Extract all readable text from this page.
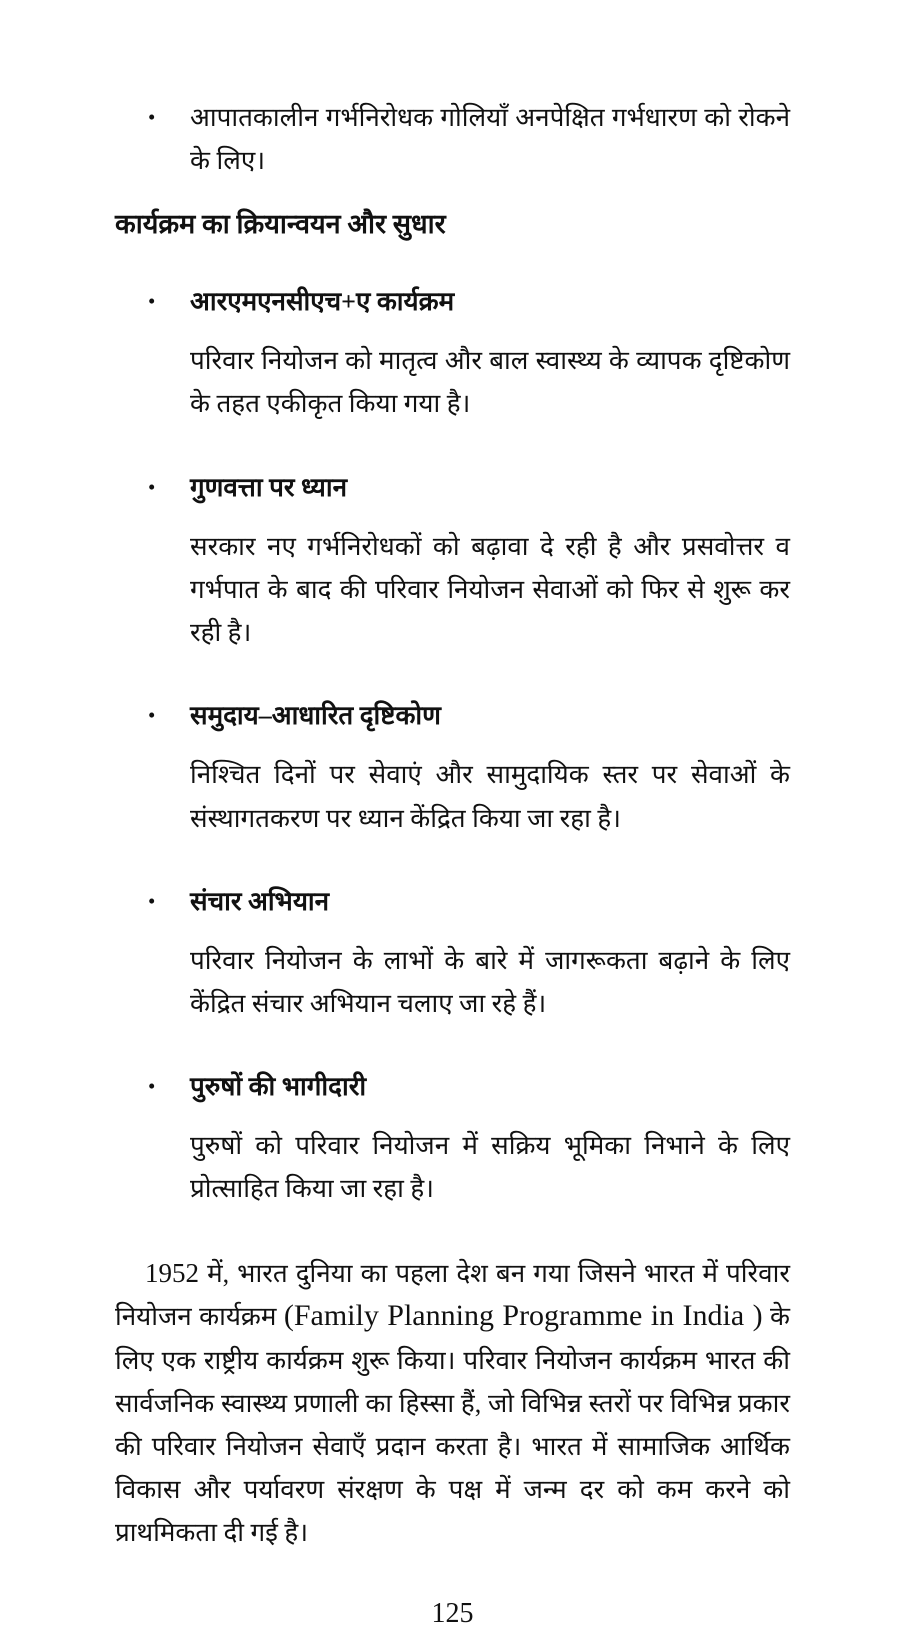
•	आपातकालीन गर्भनिरोधक गोलियाँ अनपेक्षित गर्भधारण को रोकने के लिए।
कार्यक्रम का क्रियान्वयन और सुधार
•	आरएमएनसीएच+ए कार्यक्रम
परिवार नियोजन को मातृत्व और बाल स्वास्थ्य के व्यापक दृष्टिकोण के तहत एकीकृत किया गया है।
•	गुणवत्ता पर ध्यान
सरकार नए गर्भनिरोधकों को बढ़ावा दे रही है और प्रसवोत्तर व गर्भपात के बाद की परिवार नियोजन सेवाओं को फिर से शुरू कर रही है।
•	समुदाय–आधारित दृष्टिकोण
निश्चित दिनों पर सेवाएं और सामुदायिक स्तर पर सेवाओं के संस्थागतकरण पर ध्यान केंद्रित किया जा रहा है।
•	संचार अभियान
परिवार नियोजन के लाभों के बारे में जागरूकता बढ़ाने के लिए केंद्रित संचार अभियान चलाए जा रहे हैं।
•	पुरुषों की भागीदारी
पुरुषों को परिवार नियोजन में सक्रिय भूमिका निभाने के लिए प्रोत्साहित किया जा रहा है।
1952 में, भारत दुनिया का पहला देश बन गया जिसने भारत में परिवार नियोजन कार्यक्रम (Family Planning Programme in India ) के लिए एक राष्ट्रीय कार्यक्रम शुरू किया। परिवार नियोजन कार्यक्रम भारत की सार्वजनिक स्वास्थ्य प्रणाली का हिस्सा हैं, जो विभिन्न स्तरों पर विभिन्न प्रकार की परिवार नियोजन सेवाएँ प्रदान करता है। भारत में सामाजिक आर्थिक विकास और पर्यावरण संरक्षण के पक्ष में जन्म दर को कम करने को प्राथमिकता दी गई है।
125
